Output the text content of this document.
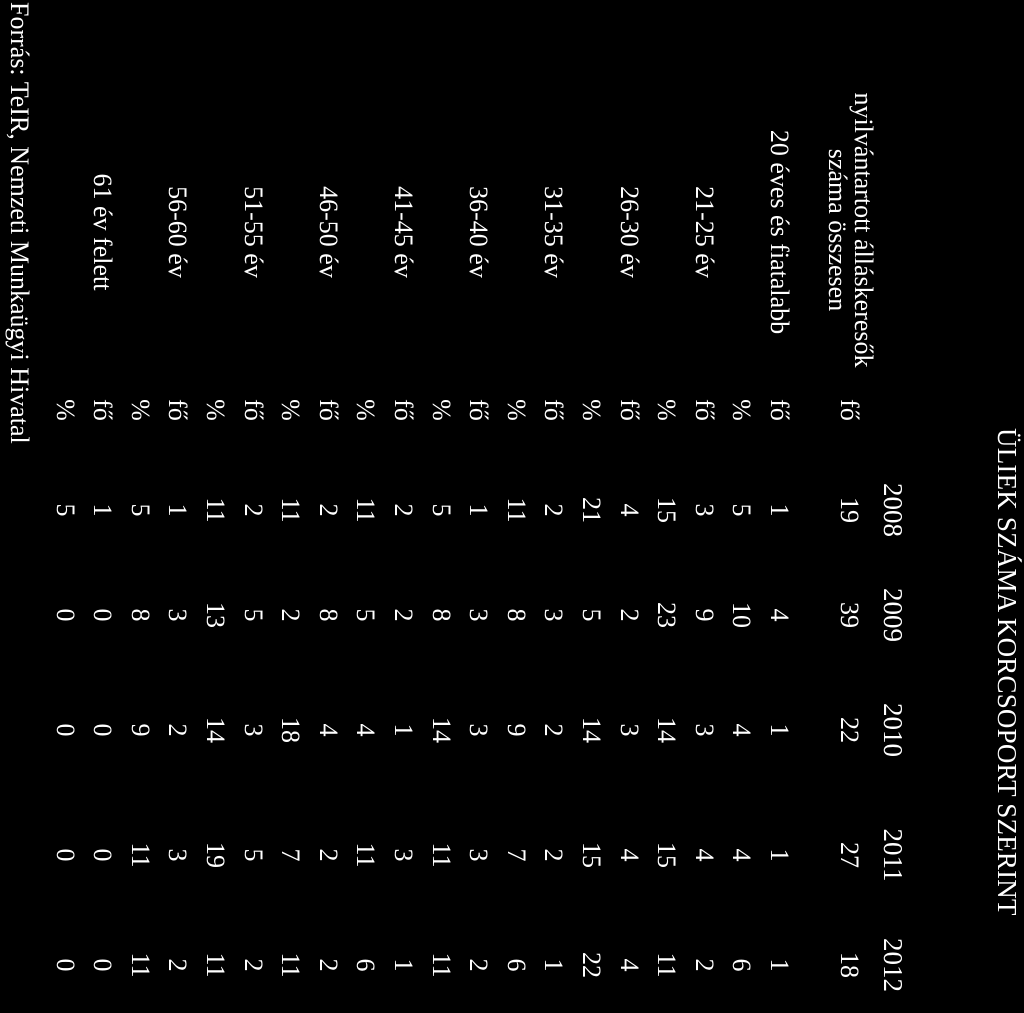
ÜLIEK SZÁMA KORCSOPORT SZERINT
2008
2009
2010
2011
2012
nyilvántartott álláskeresők száma összesen
fő
19
39
22
27
18
20 éves és fiatalabb
fő
1
4
1
1
1
%
5
10
4
4
6
21-25 év
fő
3
9
3
4
2
%
15
23
14
15
11
26-30 év
fő
4
2
3
4
4
%
21
5
14
15
22
31-35 év
fő
2
3
2
2
1
%
11
8
9
7
6
36-40 év
fő
1
3
3
3
2
%
5
8
14
11
11
41-45 év
fő
2
2
1
3
1
%
11
5
4
11
6
46-50 év
fő
2
8
4
2
2
%
11
2
18
7
11
51-55 év
fő
2
5
3
5
2
%
11
13
14
19
11
56-60 év
fő
1
3
2
3
2
%
5
8
9
11
11
61 év felett
fő
1
0
0
0
0
%
5
0
0
0
0
Forrás: TeIR, Nemzeti Munkaügyi Hivatal
